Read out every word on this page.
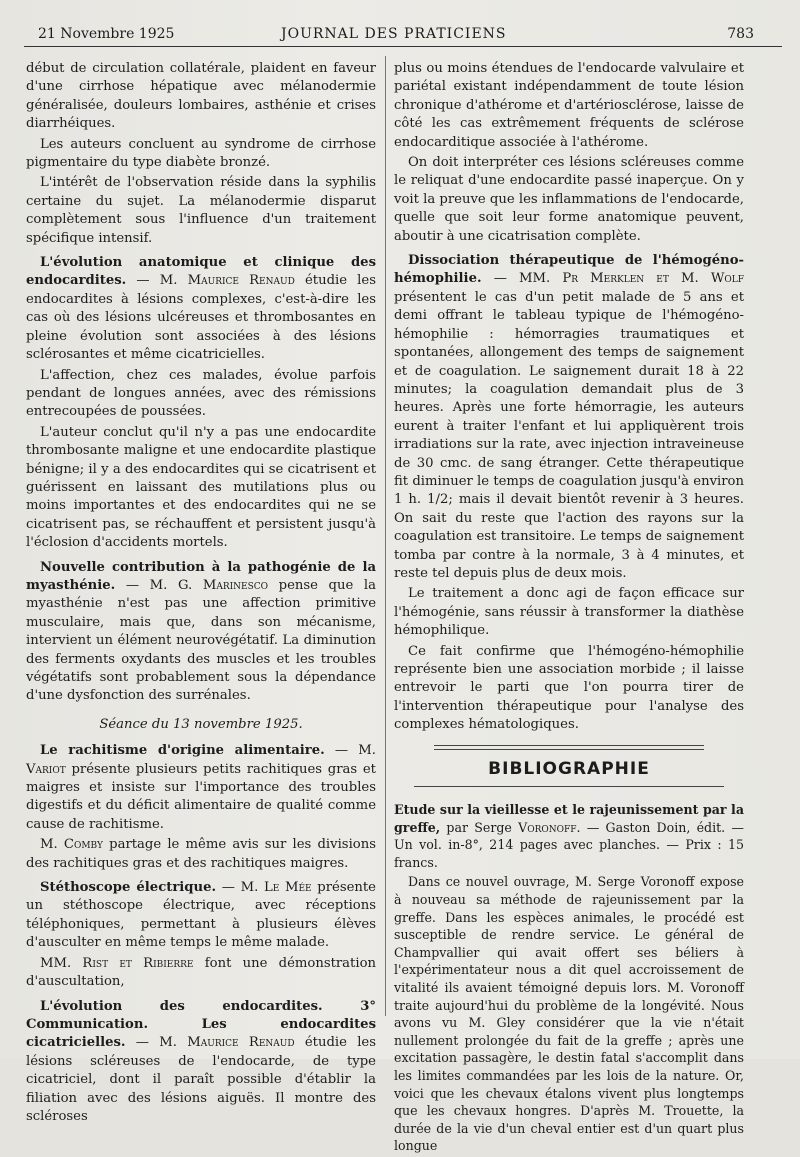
21 Novembre 1925	JOURNAL DES PRATICIENS	783

début de circulation collatérale, plaident en faveur d'une cirrhose hépatique avec mélanodermie généralisée, douleurs lombaires, asthénie et crises diarrhéiques.

Les auteurs concluent au syndrome de cirrhose pigmentaire du type diabète bronzé.

L'intérêt de l'observation réside dans la syphilis certaine du sujet. La mélanodermie disparut complètement sous l'influence d'un traitement spécifique intensif.

L'évolution anatomique et clinique des endocardites. — M. Maurice Renaud étudie les endocardites à lésions complexes, c'est-à-dire les cas où des lésions ulcéreuses et thrombosantes en pleine évolution sont associées à des lésions sclérosantes et même cicatricielles.

L'affection, chez ces malades, évolue parfois pendant de longues années, avec des rémissions entrecoupées de poussées.

L'auteur conclut qu'il n'y a pas une endocardite thrombosante maligne et une endocardite plastique bénigne; il y a des endocardites qui se cicatrisent et guérissent en laissant des mutilations plus ou moins importantes et des endocardites qui ne se cicatrisent pas, se réchauffent et persistent jusqu'à l'éclosion d'accidents mortels.

Nouvelle contribution à la pathogénie de la myasthénie. — M. G. Marinesco pense que la myasthénie n'est pas une affection primitive musculaire, mais que, dans son mécanisme, intervient un élément neurovégétatif. La diminution des ferments oxydants des muscles et les troubles végétatifs sont probablement sous la dépendance d'une dysfonction des surrénales.

Séance du 13 novembre 1925.

Le rachitisme d'origine alimentaire. — M. Variot présente plusieurs petits rachitiques gras et maigres et insiste sur l'importance des troubles digestifs et du déficit alimentaire de qualité comme cause de rachitisme.

M. Comby partage le même avis sur les divisions des rachitiques gras et des rachitiques maigres.

Stéthoscope électrique. — M. Le Mée présente un stéthoscope électrique, avec réceptions téléphoniques, permettant à plusieurs élèves d'ausculter en même temps le même malade.

MM. Rist et Ribierre font une démonstration d'auscultation,

L'évolution des endocardites. 3° Communication. Les endocardites cicatricielles. — M. Maurice Renaud étudie les lésions scléreuses de l'endocarde, de type cicatriciel, dont il paraît possible d'établir la filiation avec des lésions aiguës. Il montre des scléroses

plus ou moins étendues de l'endocarde valvulaire et pariétal existant indépendamment de toute lésion chronique d'athérome et d'artériosclérose, laisse de côté les cas extrêmement fréquents de sclérose endocarditique associée à l'athérome.

On doit interpréter ces lésions scléreuses comme le reliquat d'une endocardite passé inaperçue. On y voit la preuve que les inflammations de l'endocarde, quelle que soit leur forme anatomique peuvent, aboutir à une cicatrisation complète.

Dissociation thérapeutique de l'hémogéno-hémophilie. — MM. Pr Merklen et M. Wolf présentent le cas d'un petit malade de 5 ans et demi offrant le tableau typique de l'hémogéno-hémophilie : hémorragies traumatiques et spontanées, allongement des temps de saignement et de coagulation. Le saignement durait 18 à 22 minutes; la coagulation demandait plus de 3 heures. Après une forte hémorragie, les auteurs eurent à traiter l'enfant et lui appliquèrent trois irradiations sur la rate, avec injection intraveineuse de 30 cmc. de sang étranger. Cette thérapeutique fit diminuer le temps de coagulation jusqu'à environ 1 h. 1/2; mais il devait bientôt revenir à 3 heures. On sait du reste que l'action des rayons sur la coagulation est transitoire. Le temps de saignement tomba par contre à la normale, 3 à 4 minutes, et reste tel depuis plus de deux mois.

Le traitement a donc agi de façon efficace sur l'hémogénie, sans réussir à transformer la diathèse hémophilique.

Ce fait confirme que l'hémogéno-hémophilie représente bien une association morbide ; il laisse entrevoir le parti que l'on pourra tirer de l'intervention thérapeutique pour l'analyse des complexes hématologiques.

BIBLIOGRAPHIE

Etude sur la vieillesse et le rajeunissement par la greffe, par Serge Voronoff. — Gaston Doin, édit. — Un vol. in-8°, 214 pages avec planches. — Prix : 15 francs.

Dans ce nouvel ouvrage, M. Serge Voronoff expose à nouveau sa méthode de rajeunissement par la greffe. Dans les espèces animales, le procédé est susceptible de rendre service. Le général de Champvallier qui avait offert ses béliers à l'expérimentateur nous a dit quel accroissement de vitalité ils avaient témoigné depuis lors. M. Voronoff traite aujourd'hui du problème de la longévité. Nous avons vu M. Gley considérer que la vie n'était nullement prolongée du fait de la greffe ; après une excitation passagère, le destin fatal s'accomplit dans les limites commandées par les lois de la nature. Or, voici que les chevaux étalons vivent plus longtemps que les chevaux hongres. D'après M. Trouette, la durée de la vie d'un cheval entier est d'un quart plus longue
